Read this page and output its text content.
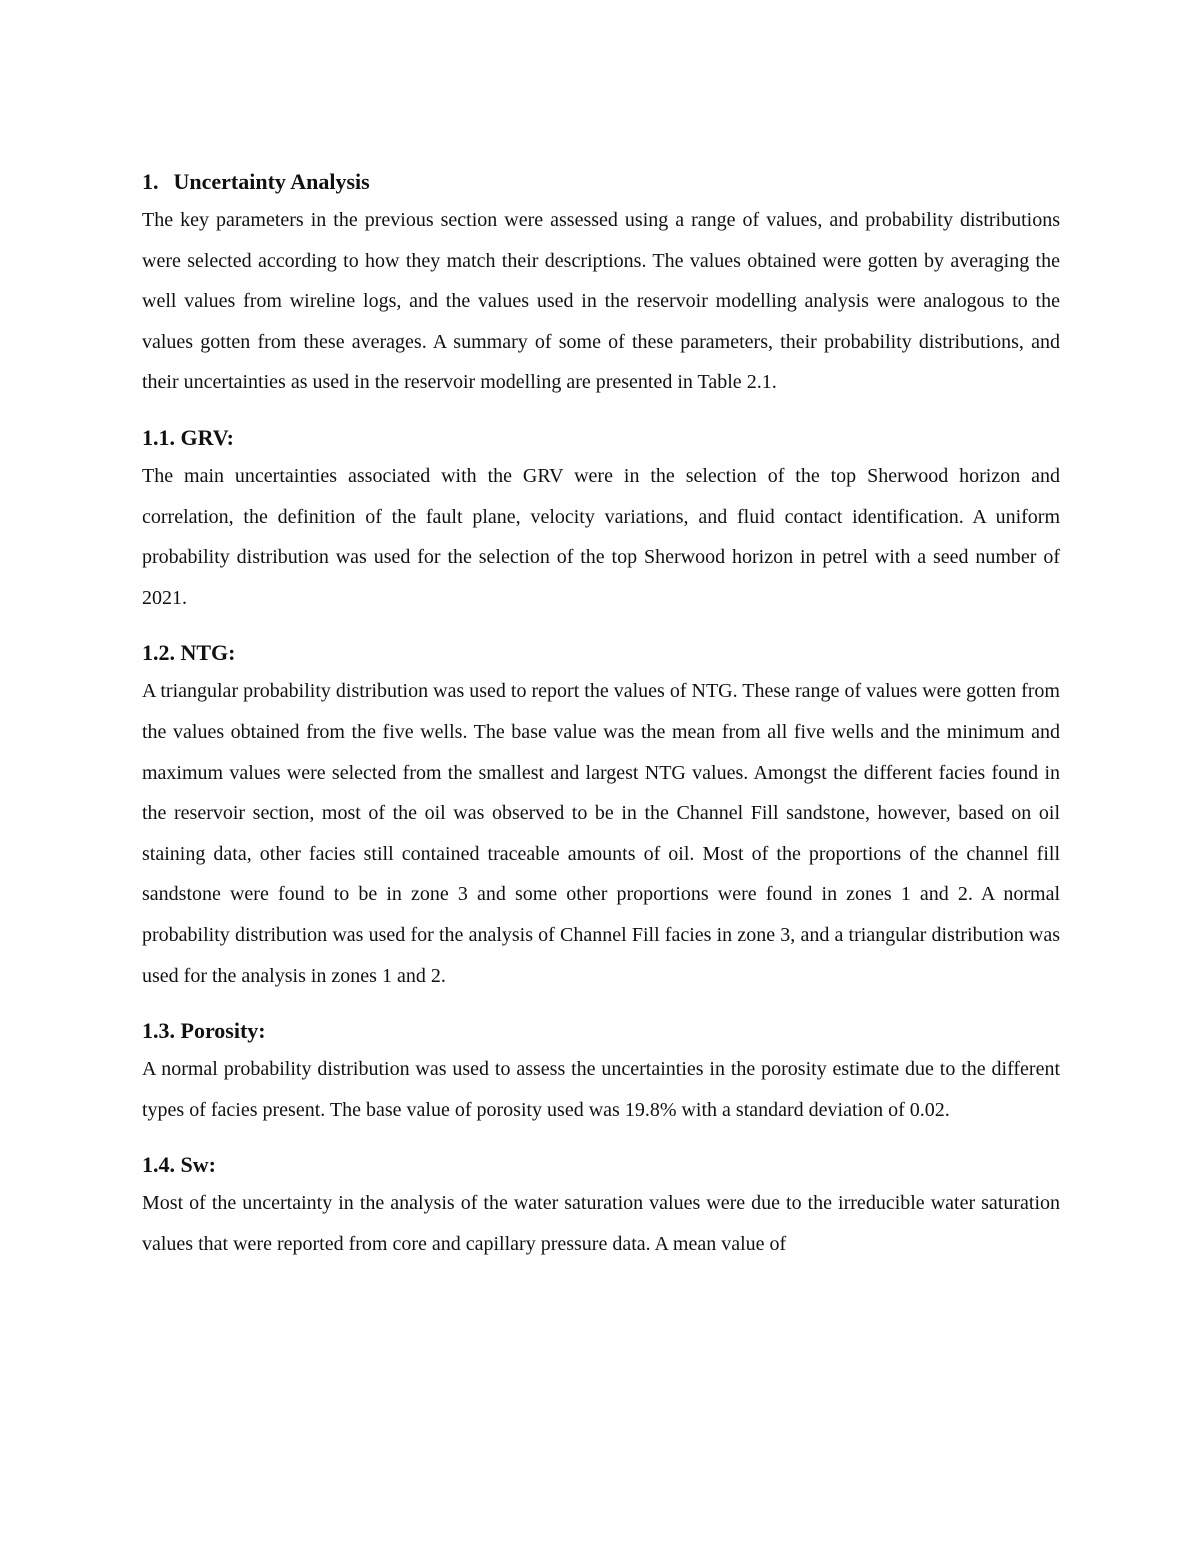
1. Uncertainty Analysis

The key parameters in the previous section were assessed using a range of values, and probability distributions were selected according to how they match their descriptions. The values obtained were gotten by averaging the well values from wireline logs, and the values used in the reservoir modelling analysis were analogous to the values gotten from these averages. A summary of some of these parameters, their probability distributions, and their uncertainties as used in the reservoir modelling are presented in Table 2.1.

1.1. GRV:

The main uncertainties associated with the GRV were in the selection of the top Sherwood horizon and correlation, the definition of the fault plane, velocity variations, and fluid contact identification. A uniform probability distribution was used for the selection of the top Sherwood horizon in petrel with a seed number of 2021.

1.2. NTG:

A triangular probability distribution was used to report the values of NTG. These range of values were gotten from the values obtained from the five wells. The base value was the mean from all five wells and the minimum and maximum values were selected from the smallest and largest NTG values. Amongst the different facies found in the reservoir section, most of the oil was observed to be in the Channel Fill sandstone, however, based on oil staining data, other facies still contained traceable amounts of oil. Most of the proportions of the channel fill sandstone were found to be in zone 3 and some other proportions were found in zones 1 and 2. A normal probability distribution was used for the analysis of Channel Fill facies in zone 3, and a triangular distribution was used for the analysis in zones 1 and 2.

1.3. Porosity:

A normal probability distribution was used to assess the uncertainties in the porosity estimate due to the different types of facies present. The base value of porosity used was 19.8% with a standard deviation of 0.02.

1.4. Sw:

Most of the uncertainty in the analysis of the water saturation values were due to the irreducible water saturation values that were reported from core and capillary pressure data. A mean value of
